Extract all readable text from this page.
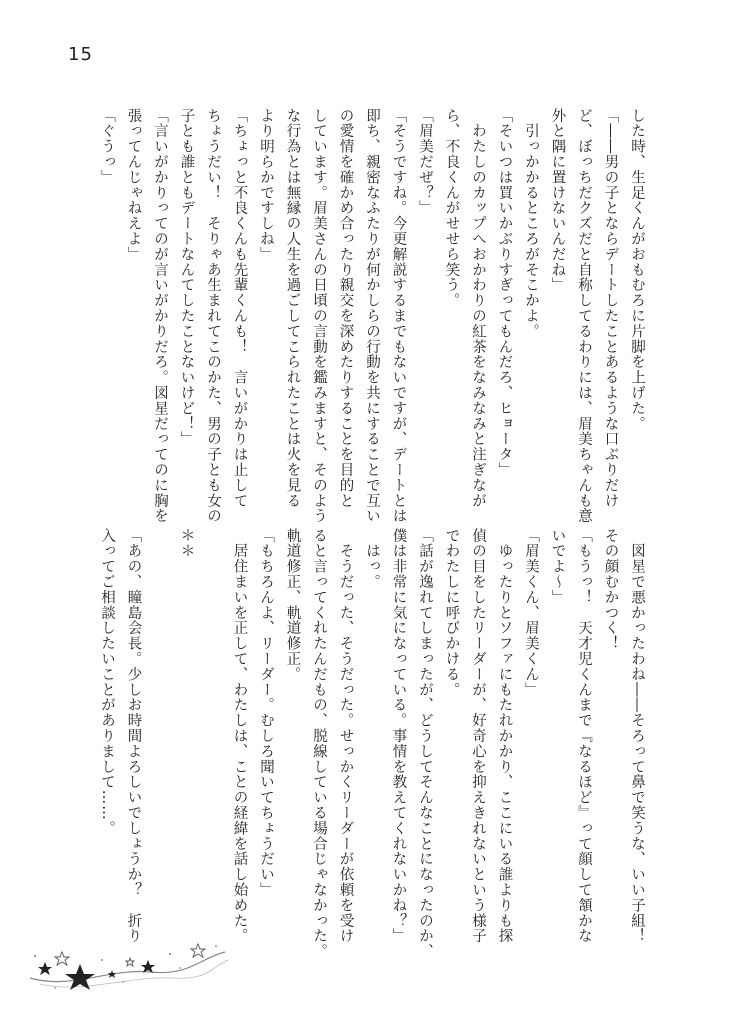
15
した時、生足くんがおもむろに片脚を上げた。
「――男の子とならデートしたことあるような口ぶりだけ
ど、ぼっちだクズだと自称してるわりには、眉美ちゃんも意
外と隅に置けないんだね」
　引っかかるところがそこかよ。
「そいつは買いかぶりすぎってもんだろ、ヒョータ」
　わたしのカップへおかわりの紅茶をなみなみと注ぎなが
ら、不良くんがせせら笑う。
「眉美だぜ？」
「そうですね。今更解説するまでもないですが、デートとは
即ち、親密なふたりが何かしらの行動を共にすることで互い
の愛情を確かめ合ったり親交を深めたりすることを目的と
しています。眉美さんの日頃の言動を鑑みますと、そのよう
な行為とは無縁の人生を過ごしてこられたことは火を見る
より明らかですしね」
「ちょっと不良くんも先輩くんも！　言いがかりは止して
ちょうだい！　そりゃあ生まれてこのかた、男の子とも女の
子とも誰ともデートなんてしたことないけど！」
「言いがかりってのが言いがかりだろ。図星だってのに胸を
張ってんじゃねえよ」
「ぐうっ」
　図星で悪かったわね――そろって鼻で笑うな、いい子組！
その顔むかつく！
「もうっ！　天才児くんまで『なるほど』って顔して頷かな
いでよ～」
「眉美くん、眉美くん」
　ゆったりとソファにもたれかかり、ここにいる誰よりも探
偵の目をしたリーダーが、好奇心を抑えきれないという様子
でわたしに呼びかける。
「話が逸れてしまったが、どうしてそんなことになったのか、
僕は非常に気になっている。事情を教えてくれないかね？」
　はっ。
　そうだった、そうだった。せっかくリーダーが依頼を受け
ると言ってくれたんだもの、脱線している場合じゃなかった。
軌道修正、軌道修正。
「もちろんよ、リーダー。むしろ聞いてちょうだい」
　居住まいを正して、わたしは、ことの経緯を話し始めた。

＊＊

「あの、瞳島会長。少しお時間よろしいでしょうか？　折り
入ってご相談したいことがありまして……。
